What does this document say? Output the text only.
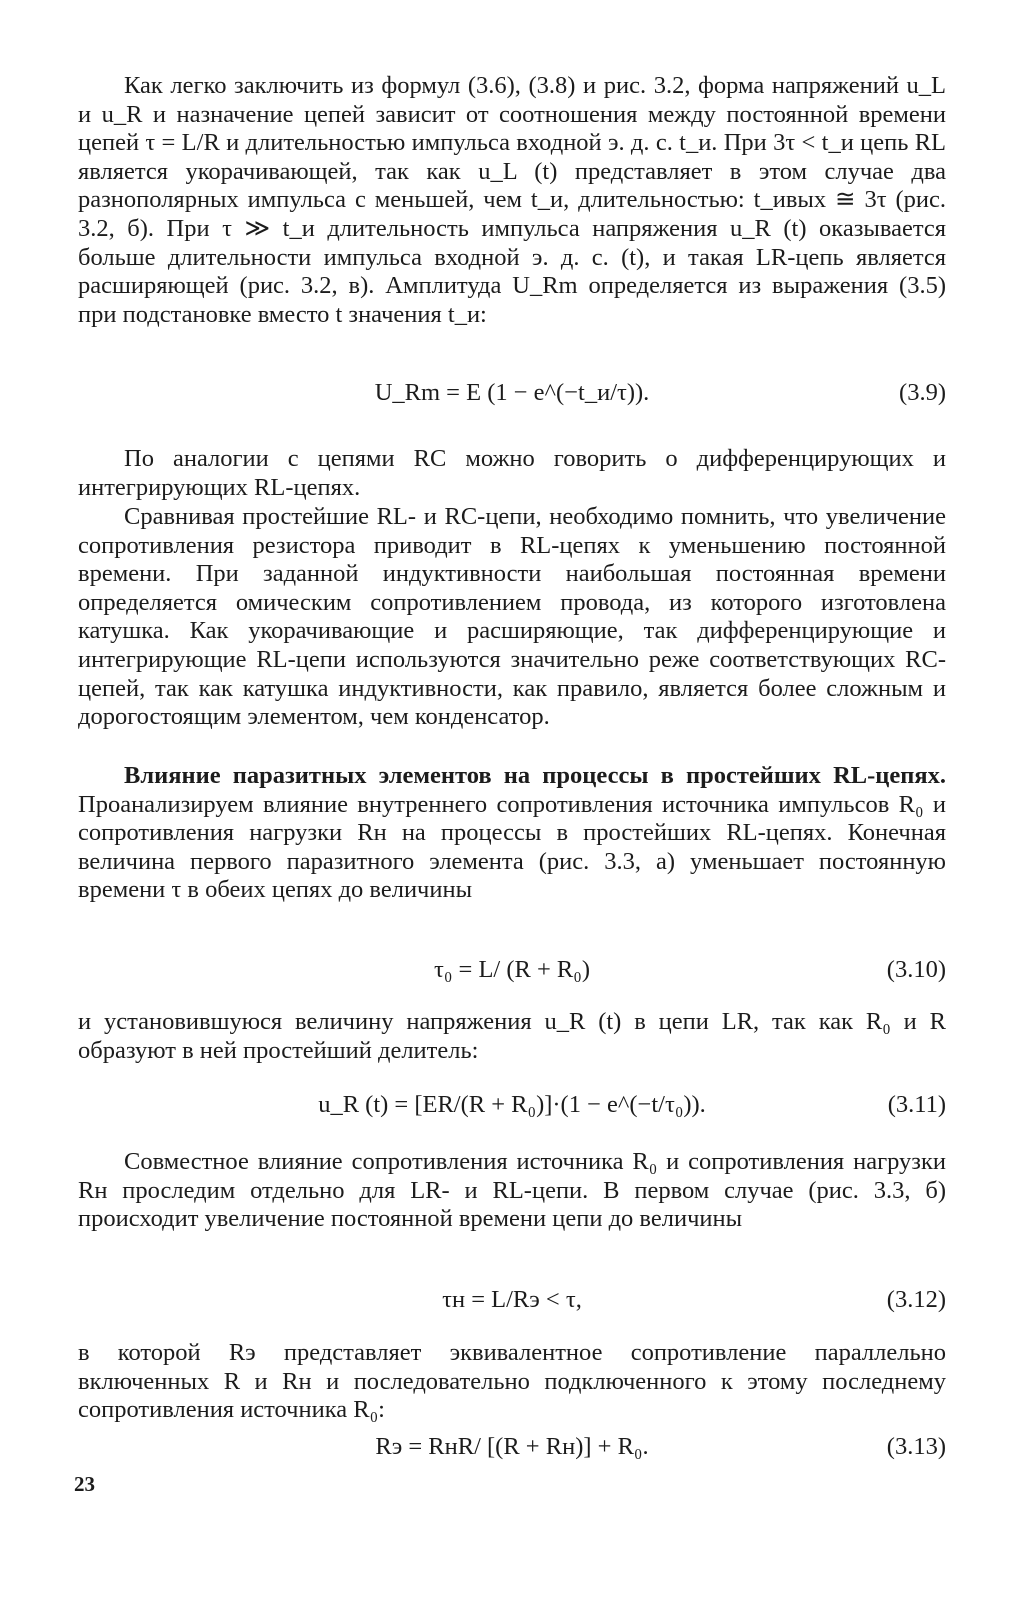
Как легко заключить из формул (3.6), (3.8) и рис. 3.2, форма напряжений u_L и u_R и назначение цепей зависит от соотношения между постоянной времени цепей τ = L/R и длительностью импульса входной э. д. с. t_и. При 3τ < t_и цепь RL является укорачивающей, так как u_L (t) представляет в этом случае два разнополярных импульса с меньшей, чем t_и, длительностью: t_ивых ≅ 3τ (рис. 3.2, б). При τ ≫ t_и длительность импульса напряжения u_R (t) оказывается больше длительности импульса входной э. д. с. (t), и такая LR-цепь является расширяющей (рис. 3.2, в). Амплитуда U_Rm определяется из выражения (3.5) при подстановке вместо t значения t_и:

U_Rm = E (1 − e^(−t_и/τ)).	(3.9)

По аналогии с цепями RC можно говорить о дифференцирующих и интегрирующих RL-цепях.

Сравнивая простейшие RL- и RC-цепи, необходимо помнить, что увеличение сопротивления резистора приводит в RL-цепях к уменьшению постоянной времени. При заданной индуктивности наибольшая постоянная времени определяется омическим сопротивлением провода, из которого изготовлена катушка. Как укорачивающие и расширяющие, так дифференцирующие и интегрирующие RL-цепи используются значительно реже соответствующих RC-цепей, так как катушка индуктивности, как правило, является более сложным и дорогостоящим элементом, чем конденсатор.

Влияние паразитных элементов на процессы в простейших RL-цепях. Проанализируем влияние внутреннего сопротивления источника импульсов R₀ и сопротивления нагрузки Rн на процессы в простейших RL-цепях. Конечная величина первого паразитного элемента (рис. 3.3, а) уменьшает постоянную времени τ в обеих цепях до величины

τ₀ = L/ (R + R₀)	(3.10)

и установившуюся величину напряжения u_R (t) в цепи LR, так как R₀ и R образуют в ней простейший делитель:

u_R (t) = [ER/(R + R₀)]·(1 − e^(−t/τ₀)).	(3.11)

Совместное влияние сопротивления источника R₀ и сопротивления нагрузки Rн проследим отдельно для LR- и RL-цепи. В первом случае (рис. 3.3, б) происходит увеличение постоянной времени цепи до величины

τн = L/Rэ < τ,	(3.12)

в которой Rэ представляет эквивалентное сопротивление параллельно включенных R и Rн и последовательно подключенного к этому последнему сопротивления источника R₀:

Rэ = RнR/ [(R + Rн)] + R₀.	(3.13)
23
